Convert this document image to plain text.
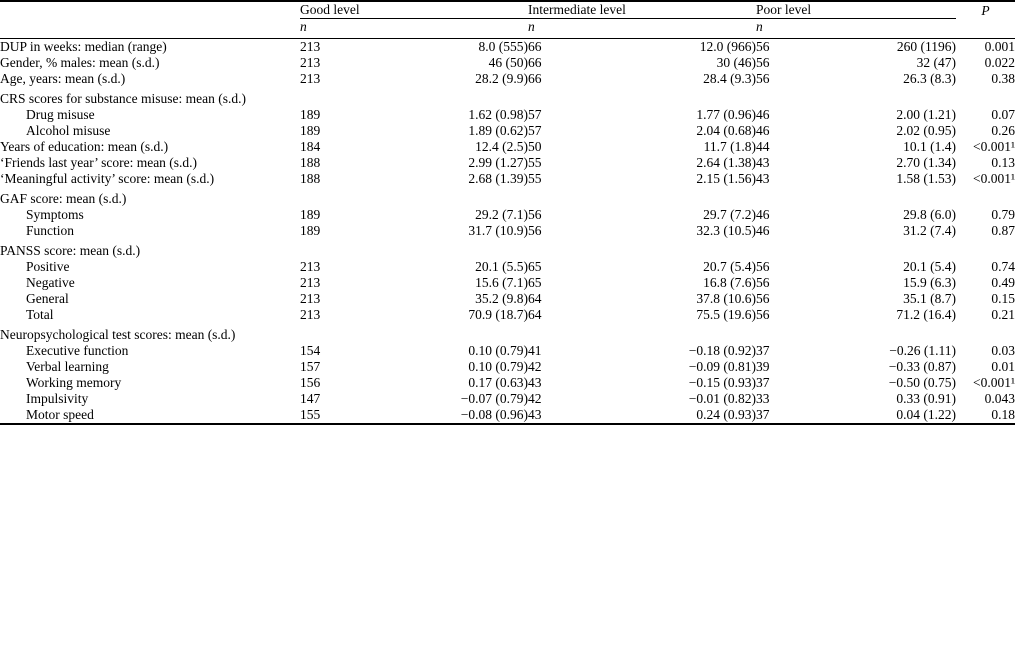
	Good level		Intermediate level		Poor level		P
	n		n		n		
DUP in weeks: median (range)	213	8.0 (555)	66	12.0 (966)	56	260 (1196)	0.001
Gender, % males: mean (s.d.)	213	46 (50)	66	30 (46)	56	32 (47)	0.022
Age, years: mean (s.d.)	213	28.2 (9.9)	66	28.4 (9.3)	56	26.3 (8.3)	0.38
CRS scores for substance misuse: mean (s.d.)							
Drug misuse	189	1.62 (0.98)	57	1.77 (0.96)	46	2.00 (1.21)	0.07
Alcohol misuse	189	1.89 (0.62)	57	2.04 (0.68)	46	2.02 (0.95)	0.26
Years of education: mean (s.d.)	184	12.4 (2.5)	50	11.7 (1.8)	44	10.1 (1.4)	<0.001¹
‘Friends last year’ score: mean (s.d.)	188	2.99 (1.27)	55	2.64 (1.38)	43	2.70 (1.34)	0.13
‘Meaningful activity’ score: mean (s.d.)	188	2.68 (1.39)	55	2.15 (1.56)	43	1.58 (1.53)	<0.001¹
GAF score: mean (s.d.)							
Symptoms	189	29.2 (7.1)	56	29.7 (7.2)	46	29.8 (6.0)	0.79
Function	189	31.7 (10.9)	56	32.3 (10.5)	46	31.2 (7.4)	0.87
PANSS score: mean (s.d.)							
Positive	213	20.1 (5.5)	65	20.7 (5.4)	56	20.1 (5.4)	0.74
Negative	213	15.6 (7.1)	65	16.8 (7.6)	56	15.9 (6.3)	0.49
General	213	35.2 (9.8)	64	37.8 (10.6)	56	35.1 (8.7)	0.15
Total	213	70.9 (18.7)	64	75.5 (19.6)	56	71.2 (16.4)	0.21
Neuropsychological test scores: mean (s.d.)							
Executive function	154	0.10 (0.79)	41	−0.18 (0.92)	37	−0.26 (1.11)	0.03
Verbal learning	157	0.10 (0.79)	42	−0.09 (0.81)	39	−0.33 (0.87)	0.01
Working memory	156	0.17 (0.63)	43	−0.15 (0.93)	37	−0.50 (0.75)	<0.001¹
Impulsivity	147	−0.07 (0.79)	42	−0.01 (0.82)	33	0.33 (0.91)	0.043
Motor speed	155	−0.08 (0.96)	43	0.24 (0.93)	37	0.04 (1.22)	0.18
